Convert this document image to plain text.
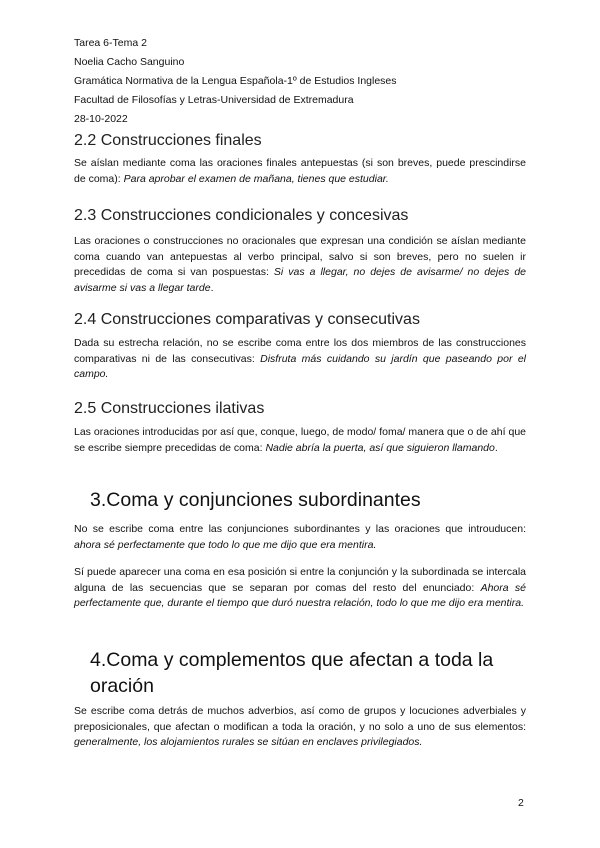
Tarea 6-Tema 2
Noelia Cacho Sanguino
Gramática Normativa de la Lengua Española-1º de Estudios Ingleses
Facultad de Filosofías y Letras-Universidad de Extremadura
28-10-2022
2.2 Construcciones finales

Se aíslan mediante coma las oraciones finales antepuestas (si son breves, puede prescindirse de coma): Para aprobar el examen de mañana, tienes que estudiar.

2.3 Construcciones condicionales y concesivas

Las oraciones o construcciones no oracionales que expresan una condición se aíslan mediante coma cuando van antepuestas al verbo principal, salvo si son breves, pero no suelen ir precedidas de coma si van pospuestas: Si vas a llegar, no dejes de avisarme/ no dejes de avisarme si vas a llegar tarde.

2.4 Construcciones comparativas y consecutivas

Dada su estrecha relación, no se escribe coma entre los dos miembros de las construcciones comparativas ni de las consecutivas: Disfruta más cuidando su jardín que paseando por el campo.

2.5 Construcciones ilativas

Las oraciones introducidas por así que, conque, luego, de modo/ foma/ manera que o de ahí que se escribe siempre precedidas de coma: Nadie abría la puerta, así que siguieron llamando.

3.Coma y conjunciones subordinantes

No se escribe coma entre las conjunciones subordinantes y las oraciones que introuducen: ahora sé perfectamente que todo lo que me dijo que era mentira.

Sí puede aparecer una coma en esa posición si entre la conjunción y la subordinada se intercala alguna de las secuencias que se separan por comas del resto del enunciado: Ahora sé perfectamente que, durante el tiempo que duró nuestra relación, todo lo que me dijo era mentira.

4.Coma y complementos que afectan a toda la oración

Se escribe coma detrás de muchos adverbios, así como de grupos y locuciones adverbiales y preposicionales, que afectan o modifican a toda la oración, y no solo a uno de sus elementos: generalmente, los alojamientos rurales se sitúan en enclaves privilegiados.

2
